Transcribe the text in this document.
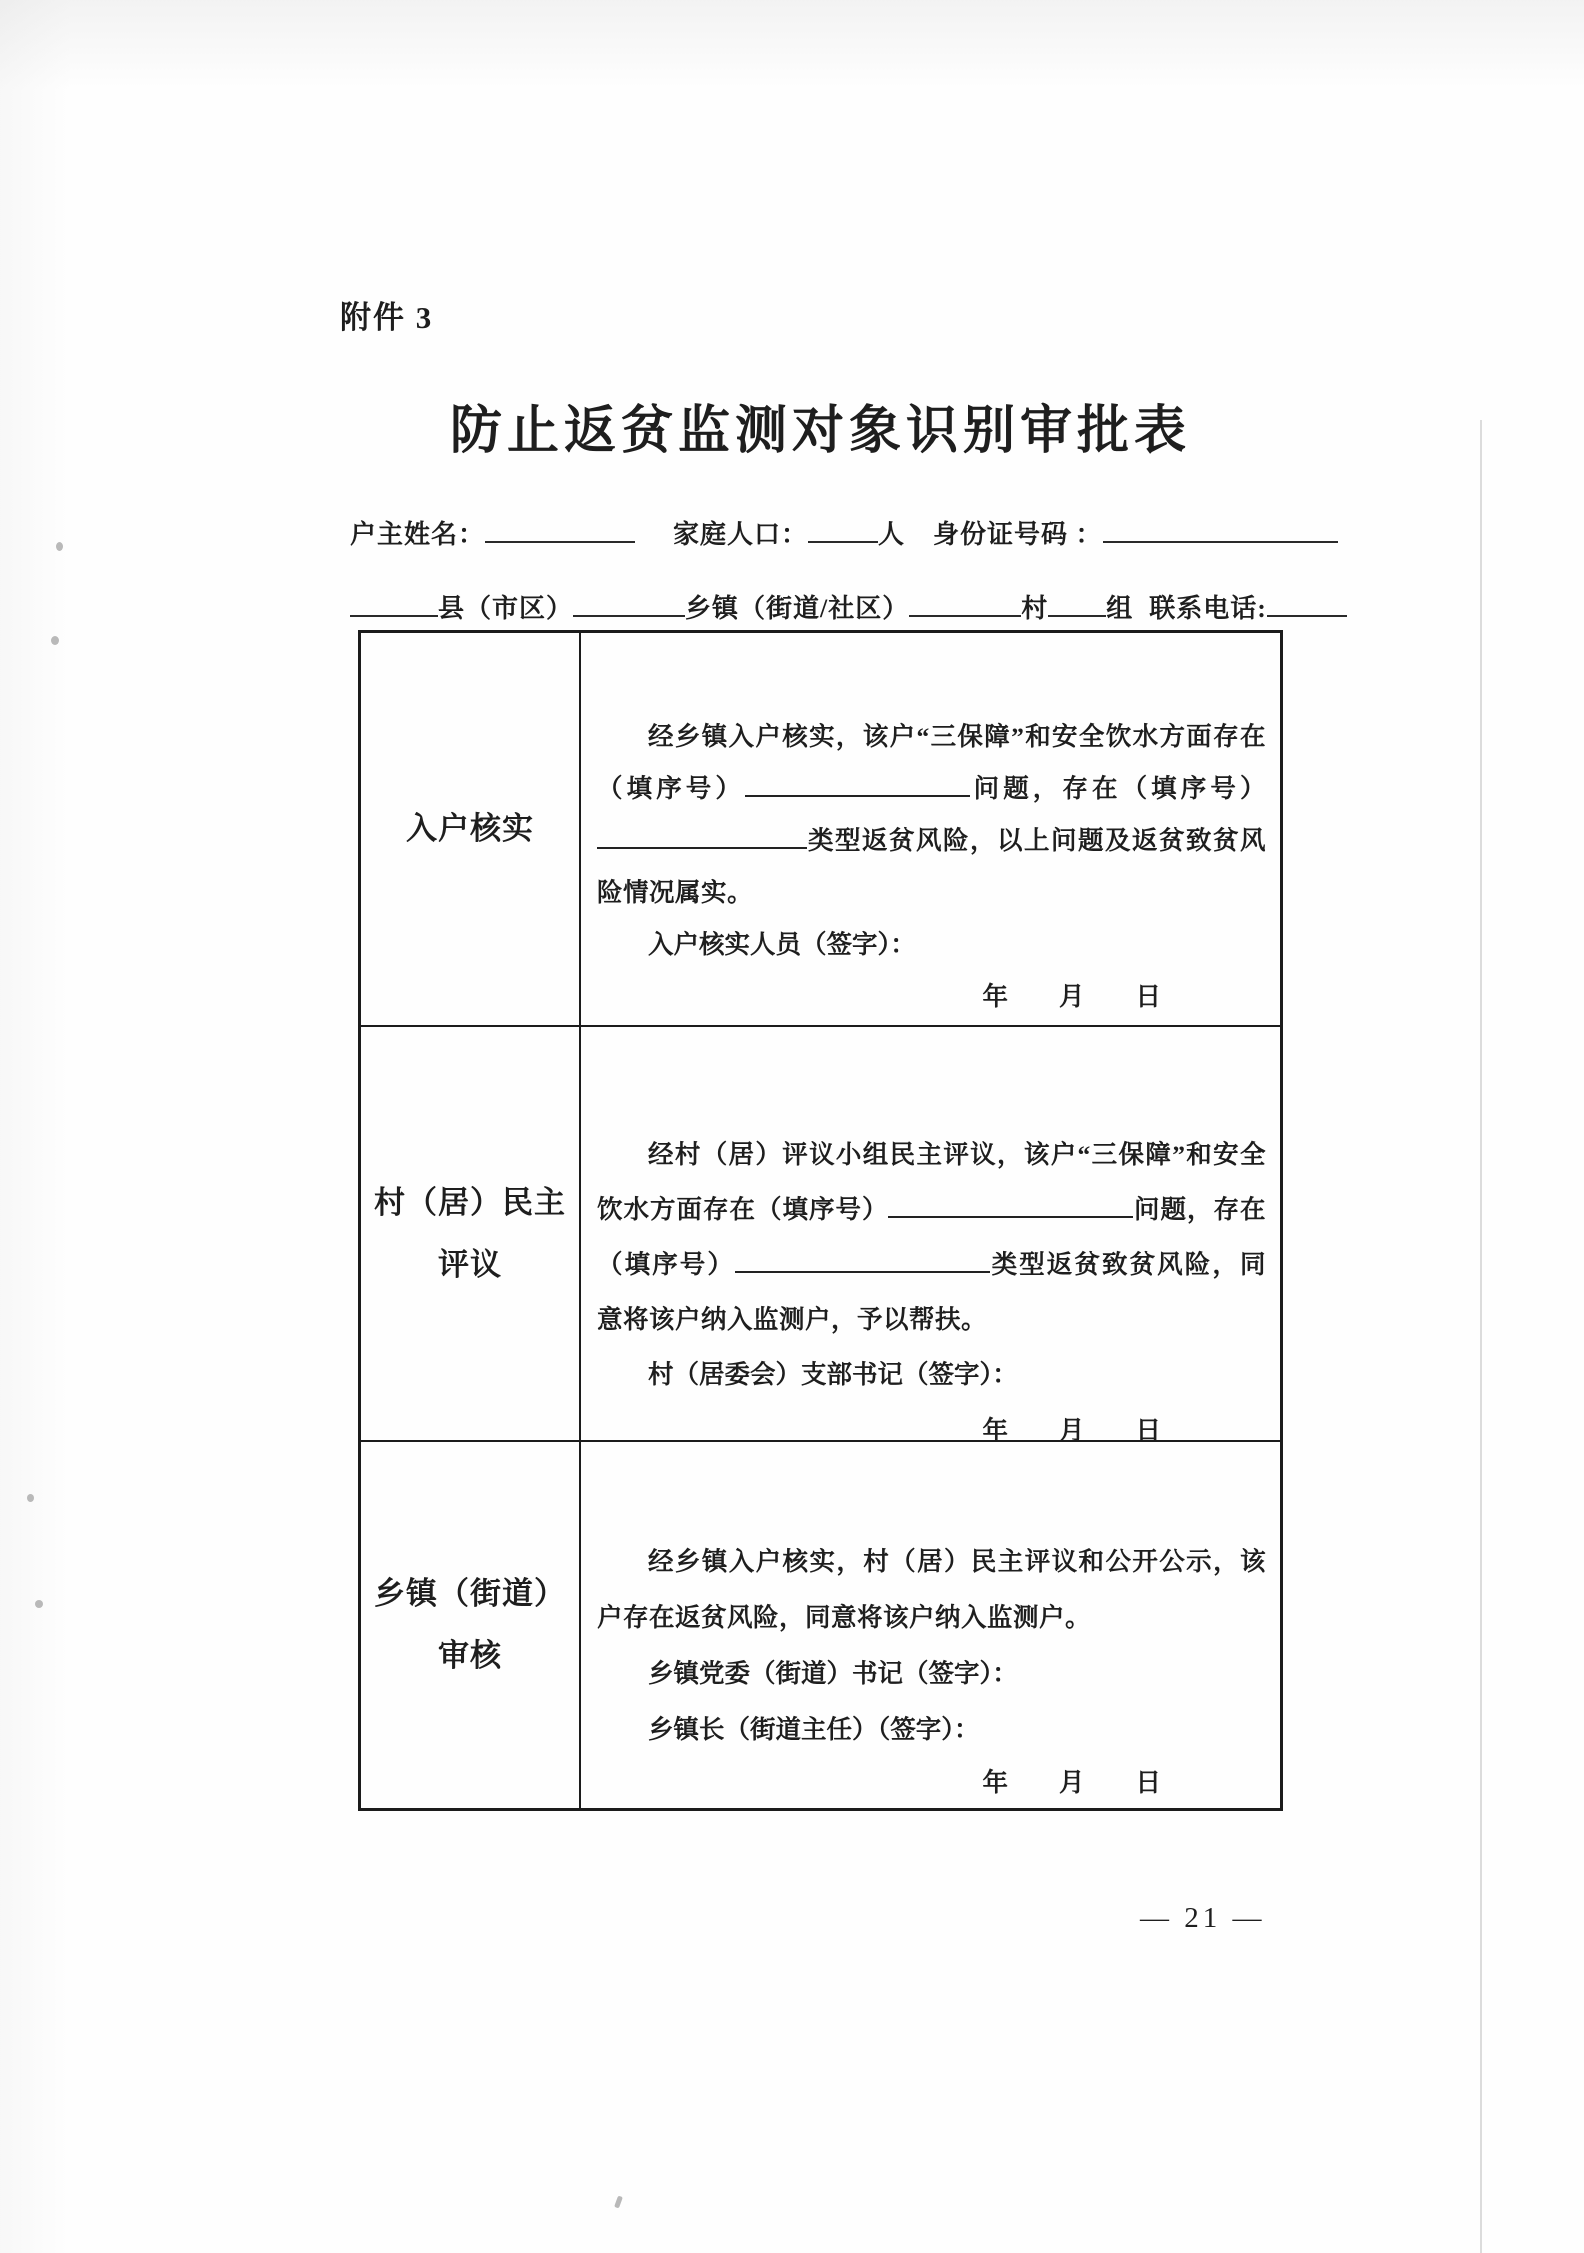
附件 3
防止返贫监测对象识别审批表
户主姓名：	家庭人口：	人 身份证号码 ：
县（市区）	乡镇（街道/社区）	村 组 联系电话:
入户核实

经乡镇入户核实，该户“三保障”和安全饮水方面存在（填序号）	问题，存在（填序号）类型返贫风险，以上问题及返贫致贫风险情况属实。

入户核实人员（签字）：

年　　月　　日

村（居）民主
评议

经村（居）评议小组民主评议，该户“三保障”和安全饮水方面存在（填序号）	问题，存在（填序号）	类型返贫致贫风险，同意将该户纳入监测户，予以帮扶。

村（居委会）支部书记（签字）：

年　　月　　日

乡镇（街道）
审核

经乡镇入户核实，村（居）民主评议和公开公示，该户存在返贫风险，同意将该户纳入监测户。

乡镇党委（街道）书记（签字）：

乡镇长（街道主任）（签字）：

年　　月　　日

— 21 —
